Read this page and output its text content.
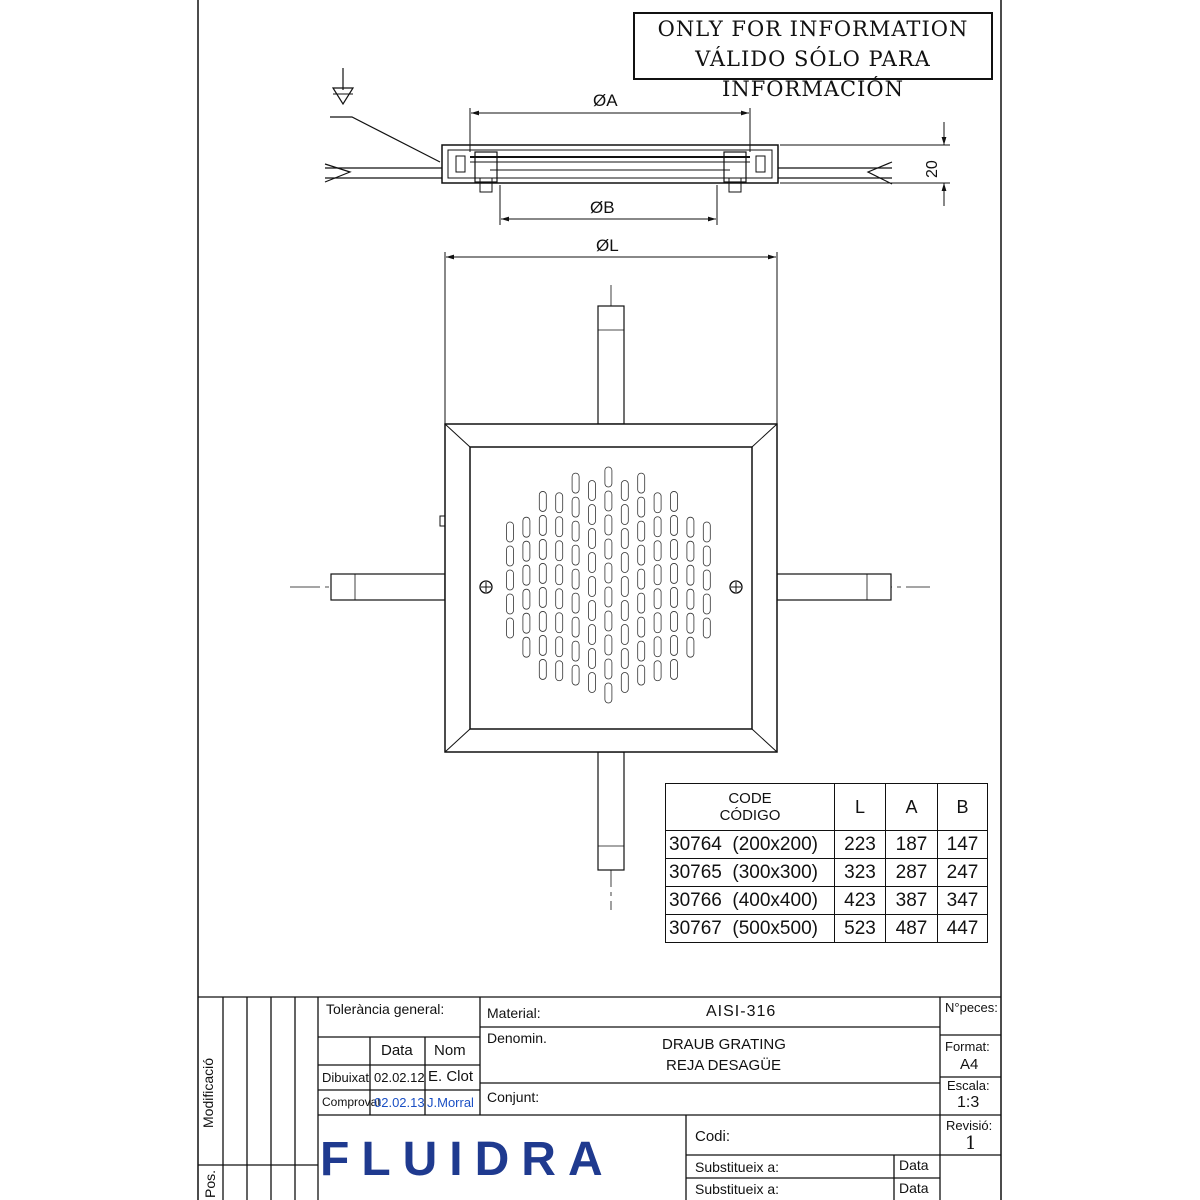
ONLY FOR INFORMATION
VÁLIDO SÓLO PARA INFORMACIÓN
ØA
ØB
ØL
20
CODE
CÓDIGO	L	A	B
30764 (200x200)	223	187	147
30765 (300x300)	323	287	247
30766 (400x400)	423	387	347
30767 (500x500)	523	487	447
Modificació
Pos.
Tolerància general:
Data Nom
Dibuixat 02.02.12 E. Clot
Comprovat
02.02.13 J.Morral
Material:	AISI-316
Denomin.	DRAUB GRATING
REJA DESAGÜE
Conjunt:
N°peces:
Format:
A4
Escala:
1:3
Revisió:
1
Codi:
Substitueix a:
Substitueix a:
Data
Data
FLUIDRA
